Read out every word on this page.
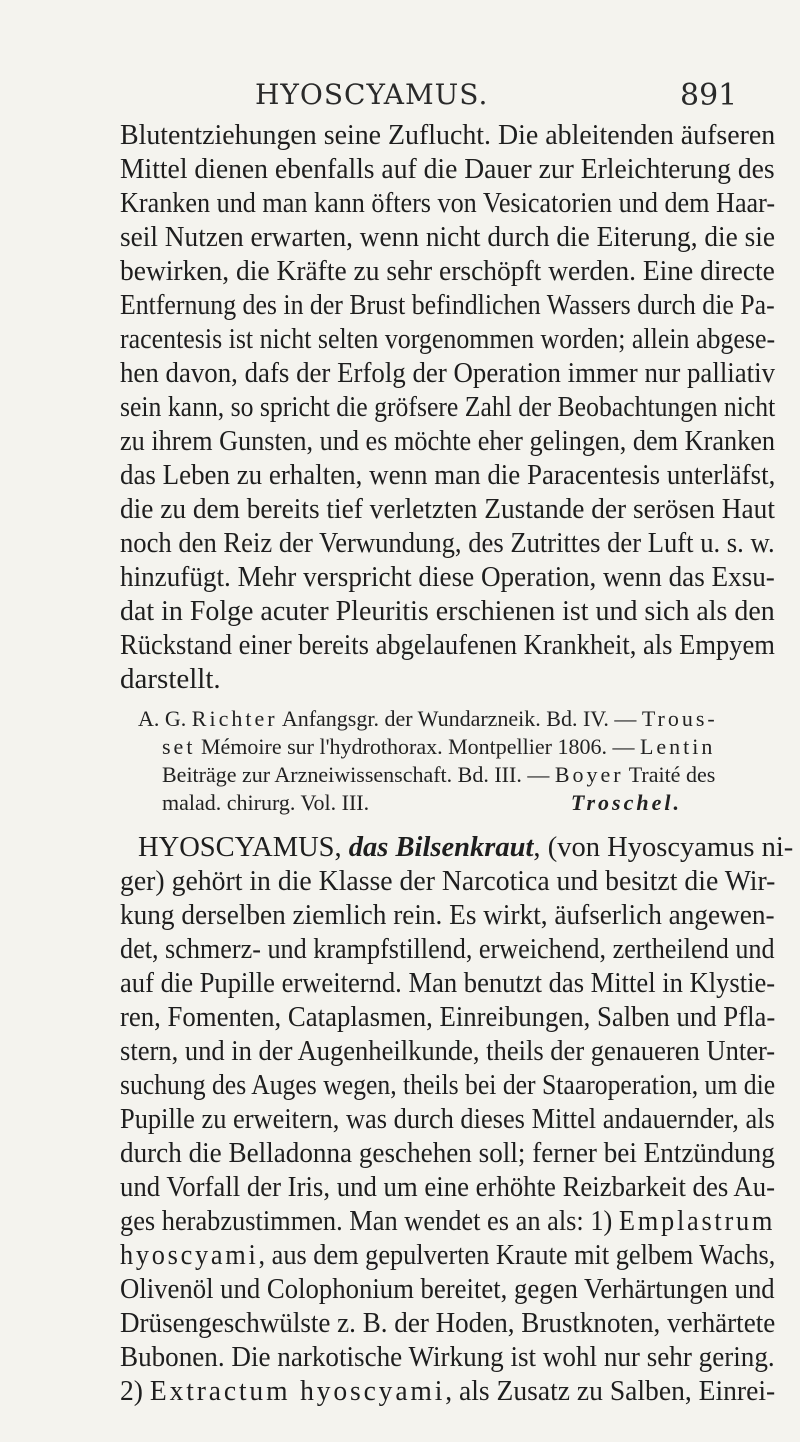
HYOSCYAMUS.	891
Blutentziehungen seine Zuflucht. Die ableitenden äufseren
Mittel dienen ebenfalls auf die Dauer zur Erleichterung des
Kranken und man kann öfters von Vesicatorien und dem Haar-
seil Nutzen erwarten, wenn nicht durch die Eiterung, die sie
bewirken, die Kräfte zu sehr erschöpft werden. Eine directe
Entfernung des in der Brust befindlichen Wassers durch die Pa-
racentesis ist nicht selten vorgenommen worden; allein abgese-
hen davon, dafs der Erfolg der Operation immer nur palliativ
sein kann, so spricht die gröfsere Zahl der Beobachtungen nicht
zu ihrem Gunsten, und es möchte eher gelingen, dem Kranken
das Leben zu erhalten, wenn man die Paracentesis unterläfst,
die zu dem bereits tief verletzten Zustande der serösen Haut
noch den Reiz der Verwundung, des Zutrittes der Luft u. s. w.
hinzufügt. Mehr verspricht diese Operation, wenn das Exsu-
dat in Folge acuter Pleuritis erschienen ist und sich als den
Rückstand einer bereits abgelaufenen Krankheit, als Empyem
darstellt.
A. G. Richter Anfangsgr. der Wundarzneik. Bd. IV. — Trous-
set Mémoire sur l'hydrothorax. Montpellier 1806. — Lentin
Beiträge zur Arzneiwissenschaft. Bd. III. — Boyer Traité des
malad. chirurg. Vol. III.	Troschel.
HYOSCYAMUS, das Bilsenkraut, (von Hyoscyamus ni-
ger) gehört in die Klasse der Narcotica und besitzt die Wir-
kung derselben ziemlich rein. Es wirkt, äufserlich angewen-
det, schmerz- und krampfstillend, erweichend, zertheilend und
auf die Pupille erweiternd. Man benutzt das Mittel in Klystie-
ren, Fomenten, Cataplasmen, Einreibungen, Salben und Pfla-
stern, und in der Augenheilkunde, theils der genaueren Unter-
suchung des Auges wegen, theils bei der Staaroperation, um die
Pupille zu erweitern, was durch dieses Mittel andauernder, als
durch die Belladonna geschehen soll; ferner bei Entzündung
und Vorfall der Iris, und um eine erhöhte Reizbarkeit des Au-
ges herabzustimmen. Man wendet es an als: 1) Emplastrum
hyoscyami, aus dem gepulverten Kraute mit gelbem Wachs,
Olivenöl und Colophonium bereitet, gegen Verhärtungen und
Drüsengeschwülste z. B. der Hoden, Brustknoten, verhärtete
Bubonen. Die narkotische Wirkung ist wohl nur sehr gering.
2) Extractum hyoscyami, als Zusatz zu Salben, Einrei-
